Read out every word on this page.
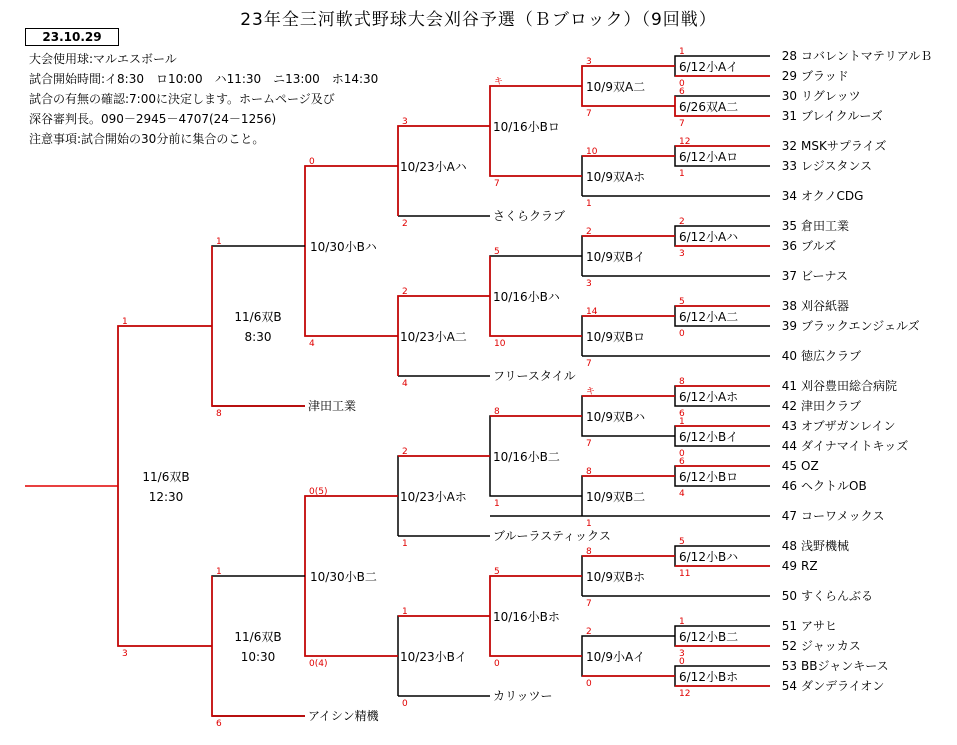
23年全三河軟式野球大会刈谷予選（Ｂブロック）（9回戦）
23.10.29
大会使用球:マルエスボール
試合開始時間:イ8:30　ロ10:00　ハ11:30　ニ13:00　ホ14:30
試合の有無の確認:7:00に決定します。ホームページ及び
深谷審判長。090－2945－4707(24－1256)
注意事項:試合開始の30分前に集合のこと。
1
0
6
7
12
1
2
3
5
0
8
6
1
0
6
4
5
11
1
3
0
12
3
7
10
1
2
3
14
7
キ
7
8
1
8
7
2
0
キ
7
5
10
8
1
5
0
3
2
2
4
2
1
1
0
0
4
0(5)
0(4)
1
8
1
6
1
3
6/12小Aイ
6/26双A二
6/12小Aロ
6/12小Aハ
6/12小A二
6/12小Aホ
6/12小Bイ
6/12小Bロ
6/12小Bハ
6/12小B二
6/12小Bホ
10/9双A二
10/9双Aホ
10/9双Bイ
10/9双Bロ
10/9双Bハ
10/9双B二
10/9双Bホ
10/9小Aイ
10/16小Bロ
10/16小Bハ
10/16小B二
10/16小Bホ
さくらクラブ
フリースタイル
ブルーラスティックス
カリッツー
津田工業
アイシン精機
10/23小Aハ
10/23小A二
10/23小Aホ
10/23小Bイ
10/30小Bハ
10/30小B二
11/6双B
8:30
11/6双B
10:30
11/6双B
12:30
28 コバレントマテリアルＢ
29 ブラッド
30 リグレッツ
31 ブレイクルーズ
32 MSKサプライズ
33 レジスタンス
34 オクノCDG
35 倉田工業
36 ブルズ
37 ビーナス
38 刈谷紙器
39 ブラックエンジェルズ
40 徳広クラブ
41 刈谷豊田総合病院
42 津田クラブ
43 オブザガンレイン
44 ダイナマイトキッズ
45 OZ
46 ヘクトルOB
47 コーワメックス
48 浅野機械
49 RZ
50 すくらんぶる
51 アサヒ
52 ジャッカス
53 BBジャンキース
54 ダンデライオン
